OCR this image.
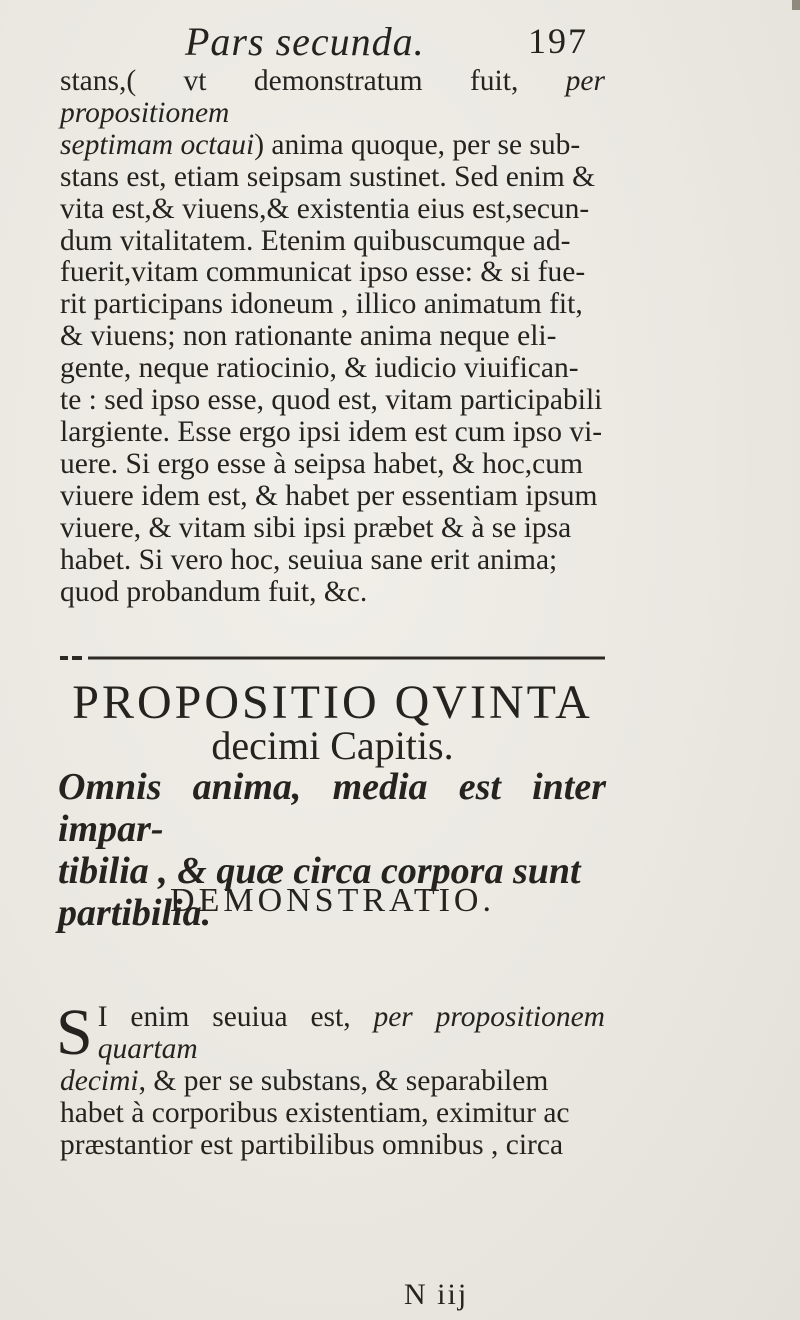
Pars secunda.	197
stans,( vt demonstratum fuit, per propositionem
septimam octaui) anima quoque, per se sub-
stans est, etiam seipsam sustinet. Sed enim &
vita est,& viuens,& existentia eius est,secun-
dum vitalitatem. Etenim quibuscumque ad-
fuerit,vitam communicat ipso esse: & si fue-
rit participans idoneum , illico animatum fit,
& viuens; non rationante anima neque eli-
gente, neque ratiocinio, & iudicio viuifican-
te : sed ipso esse, quod est, vitam participabili
largiente. Esse ergo ipsi idem est cum ipso vi-
uere. Si ergo esse à seipsa habet, & hoc,cum
viuere idem est, & habet per essentiam ipsum
viuere, & vitam sibi ipsi præbet & à se ipsa
habet. Si vero hoc, seuiua sane erit anima;
quod probandum fuit, &c.
PROPOSITIO QVINTA
decimi Capitis.
Omnis anima, media est inter impar-
tibilia , & quæ circa corpora sunt
partibilia.
DEMONSTRATIO.
S I enim seuiua est, per propositionem quartam
decimi, & per se substans, & separabilem
habet à corporibus existentiam, eximitur ac
præstantior est partibilibus omnibus , circa
N iij
